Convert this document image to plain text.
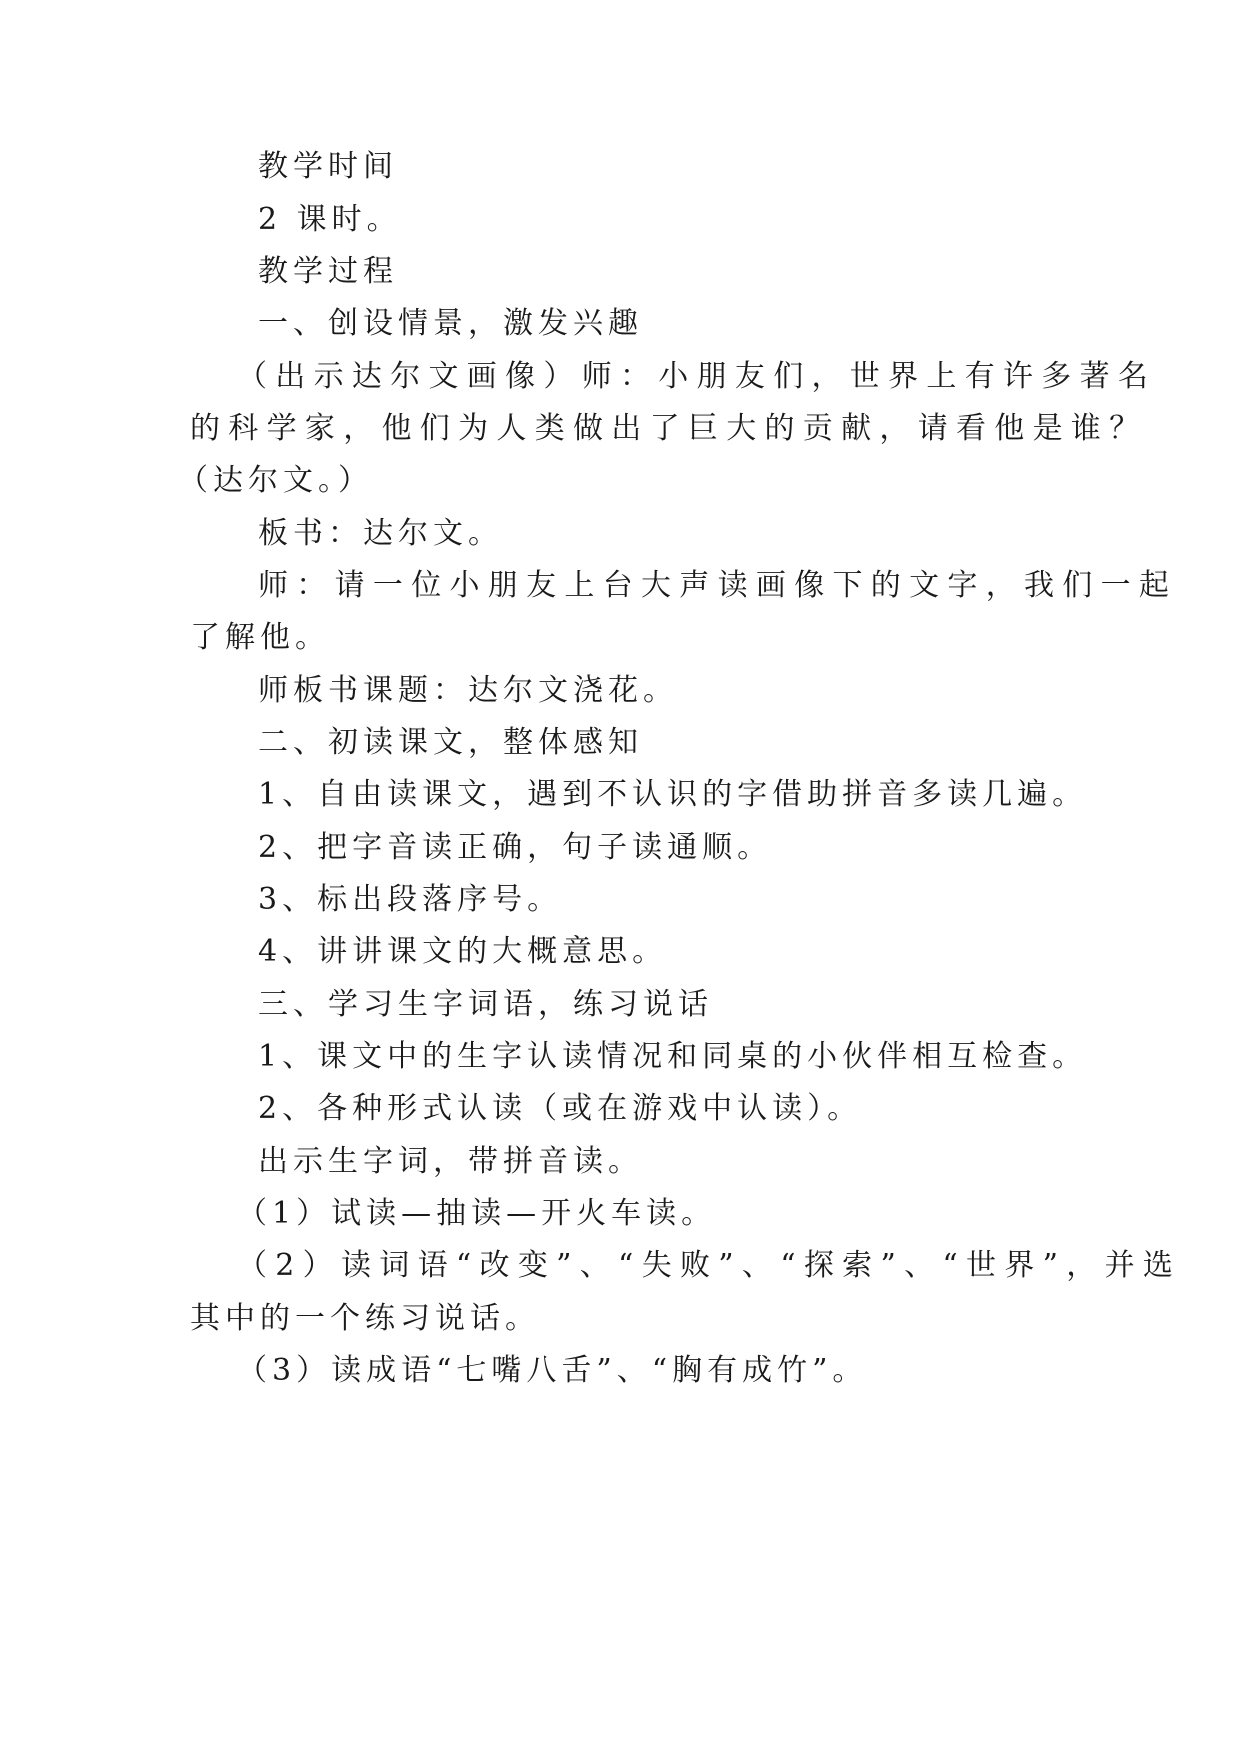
教学时间
2 课时。
教学过程
一、创设情景，激发兴趣
（出示达尔文画像）师：小朋友们，世界上有许多著名
的科学家，他们为人类做出了巨大的贡献，请看他是谁？
（达尔文。）
板书：达尔文。
师：请一位小朋友上台大声读画像下的文字，我们一起
了解他。
师板书课题：达尔文浇花。
二、初读课文，整体感知
1、自由读课文，遇到不认识的字借助拼音多读几遍。
2、把字音读正确，句子读通顺。
3、标出段落序号。
4、讲讲课文的大概意思。
三、学习生字词语，练习说话
1、课文中的生字认读情况和同桌的小伙伴相互检查。
2、各种形式认读（或在游戏中认读）。
出示生字词，带拼音读。
（1）试读—抽读—开火车读。
（2）读词语“改变”、“失败”、“探索”、“世界”，并选
其中的一个练习说话。
（3）读成语“七嘴八舌”、“胸有成竹”。
